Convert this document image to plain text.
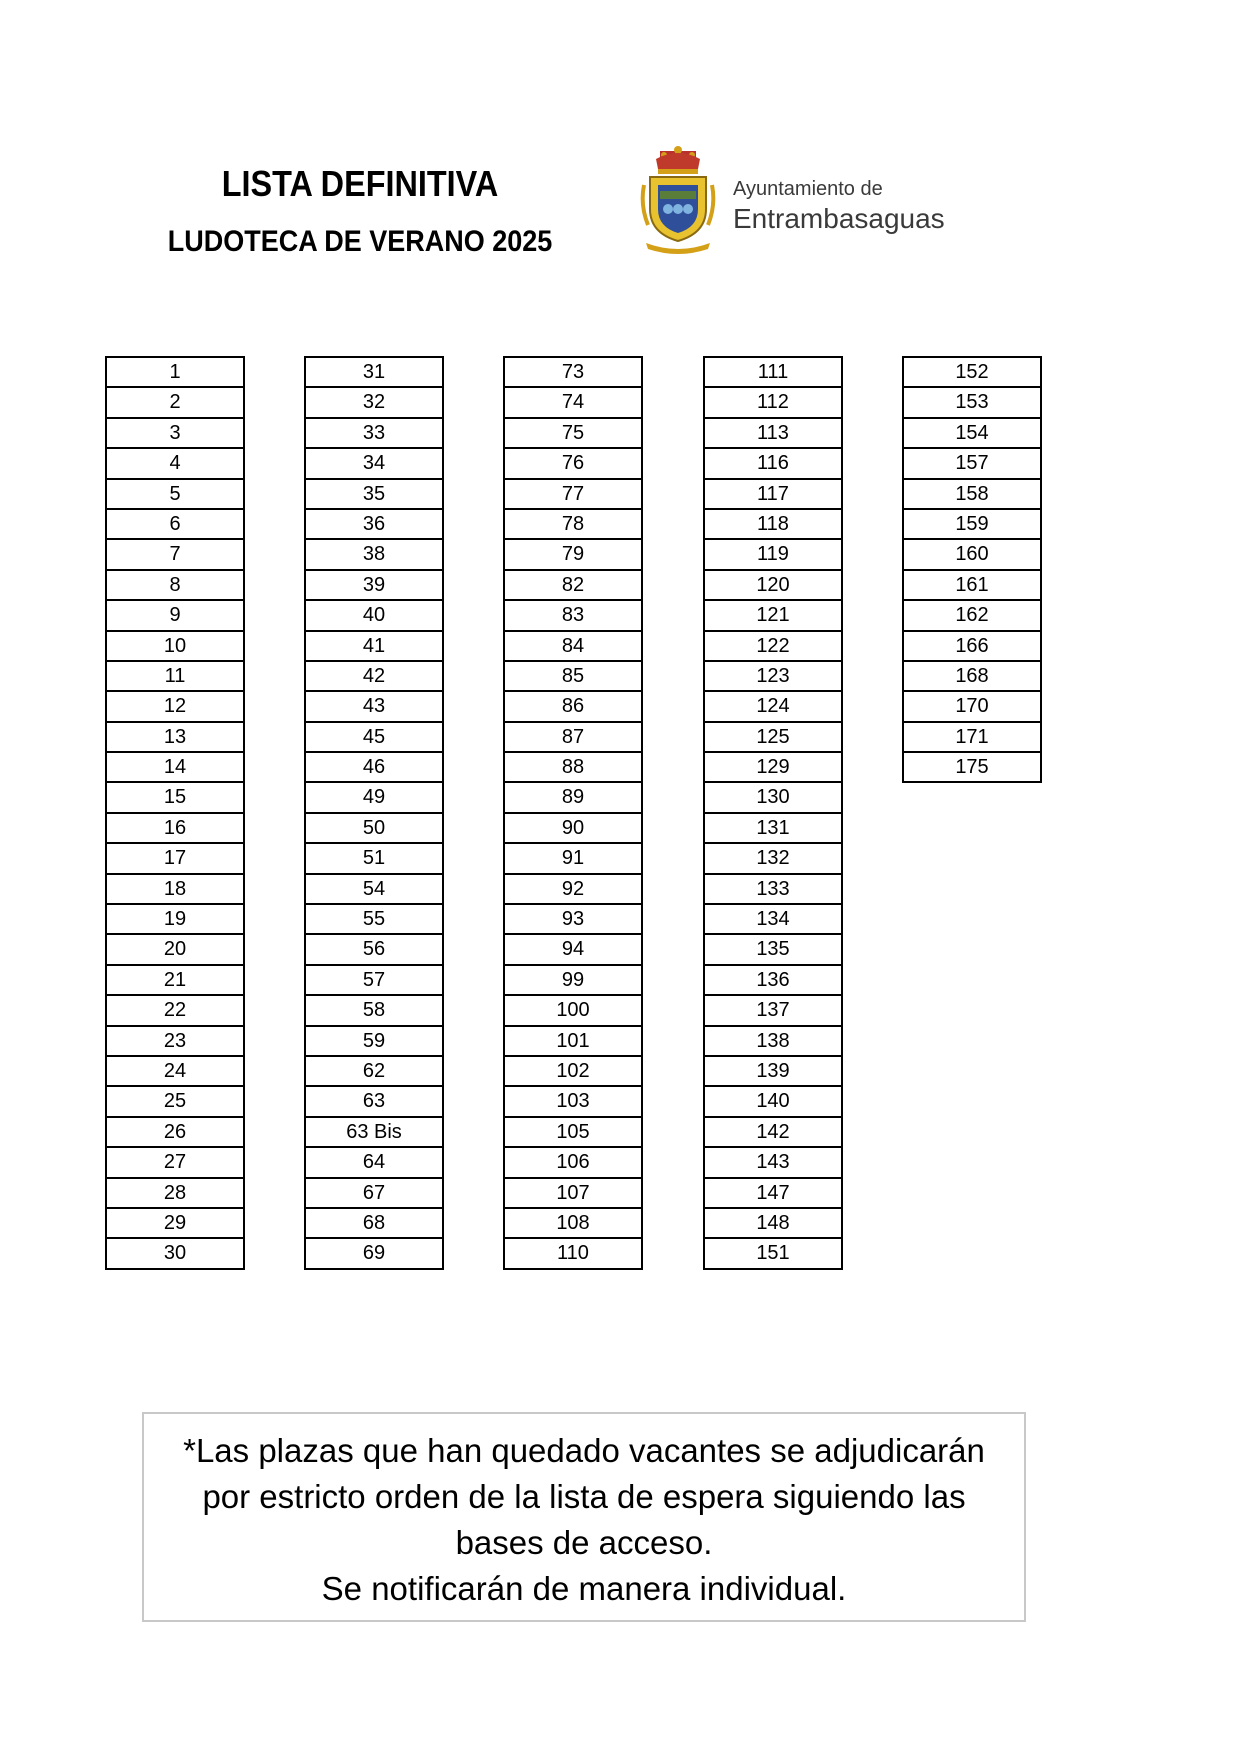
LISTA DEFINITIVA
LUDOTECA DE VERANO 2025
Ayuntamiento de
Entrambasaguas
1
2
3
4
5
6
7
8
9
10
11
12
13
14
15
16
17
18
19
20
21
22
23
24
25
26
27
28
29
30
31
32
33
34
35
36
38
39
40
41
42
43
45
46
49
50
51
54
55
56
57
58
59
62
63
63 Bis
64
67
68
69
73
74
75
76
77
78
79
82
83
84
85
86
87
88
89
90
91
92
93
94
99
100
101
102
103
105
106
107
108
110
111
112
113
116
117
118
119
120
121
122
123
124
125
129
130
131
132
133
134
135
136
137
138
139
140
142
143
147
148
151
152
153
154
157
158
159
160
161
162
166
168
170
171
175
*Las plazas que han quedado vacantes se adjudicarán
por estricto orden de la lista de espera siguiendo las
bases de acceso.
Se notificarán de manera individual.
